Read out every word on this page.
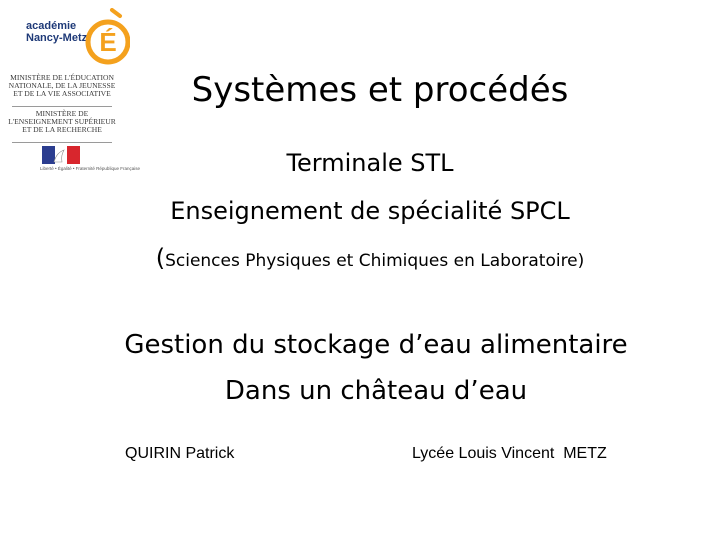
académie
Nancy-Metz É
MINISTÈRE DE L'ÉDUCATION NATIONALE, DE LA JEUNESSE ET DE LA VIE ASSOCIATIVE
MINISTÈRE DE L'ENSEIGNEMENT SUPÉRIEUR ET DE LA RECHERCHE
Liberté • Égalité • Fraternité République Française
Systèmes et procédés
Terminale STL
Enseignement de spécialité SPCL
(Sciences Physiques et Chimiques en Laboratoire)
Gestion du stockage d’eau alimentaire
Dans un château d’eau
QUIRIN Patrick	Lycée Louis Vincent  METZ
